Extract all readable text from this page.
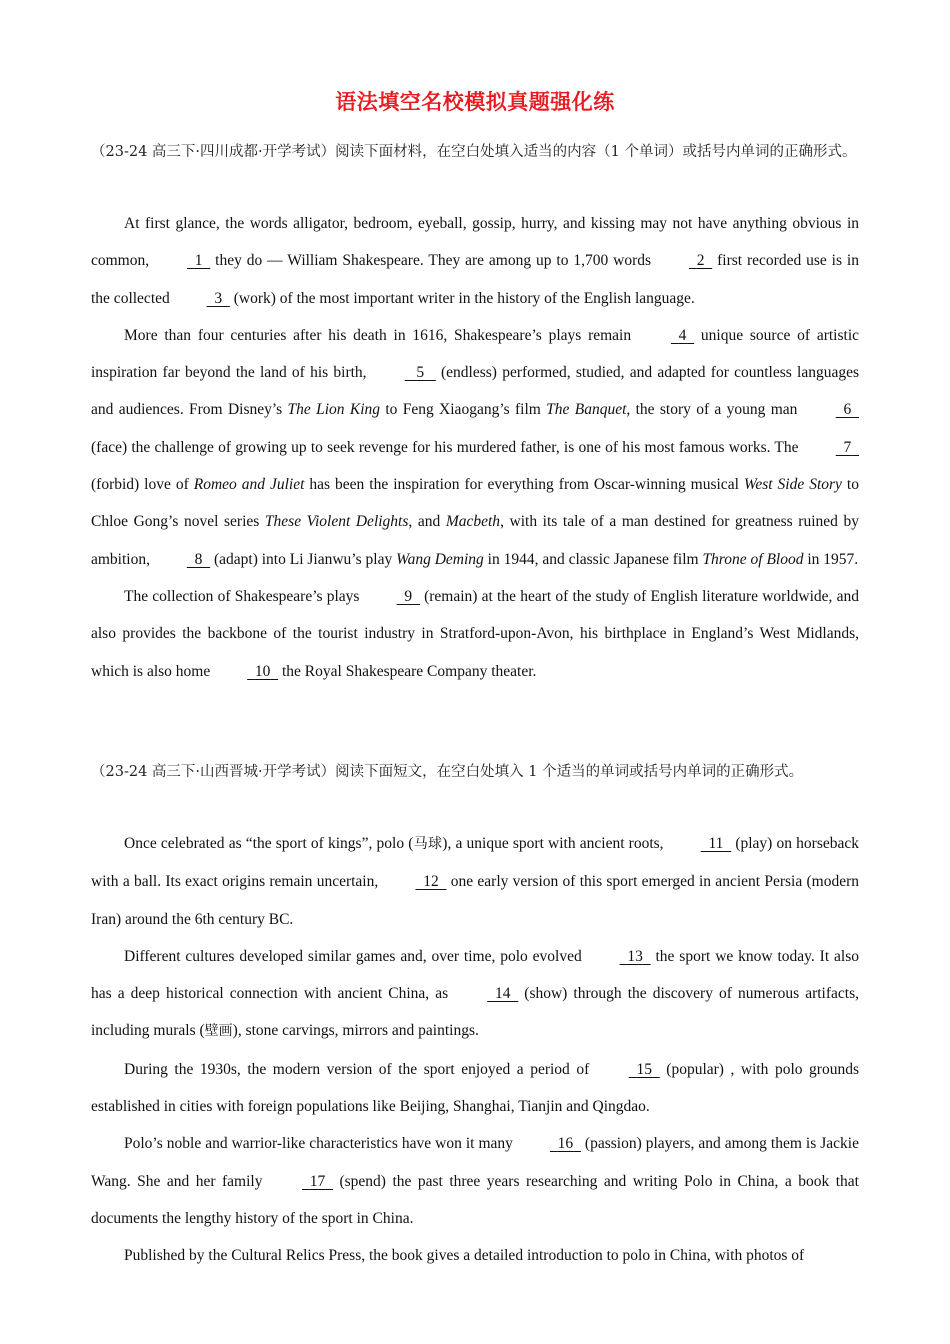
语法填空名校模拟真题强化练

（23-24 高三下·四川成都·开学考试）阅读下面材料，在空白处填入适当的内容（1 个单词）或括号内单词的正确形式。

At first glance, the words alligator, bedroom, eyeball, gossip, hurry, and kissing may not have anything obvious in common,	1   they do — William Shakespeare. They are among up to 1,700 words	2   first recorded use is in the collected	3   (work) of the most important writer in the history of the English language.

More than four centuries after his death in 1616, Shakespeare’s plays remain	4   unique source of artistic inspiration far beyond the land of his birth,	5    (endless) performed, studied, and adapted for countless languages and audiences. From Disney’s The Lion King to Feng Xiaogang’s film The Banquet, the story of a young man	6   (face) the challenge of growing up to seek revenge for his murdered father, is one of his most famous works. The	7   (forbid) love of Romeo and Juliet has been the inspiration for everything from Oscar-winning musical West Side Story to Chloe Gong’s novel series These Violent Delights, and Macbeth, with its tale of a man destined for greatness ruined by ambition,	8   (adapt) into Li Jianwu’s play Wang Deming in 1944, and classic Japanese film Throne of Blood in 1957.

The collection of Shakespeare’s plays	9   (remain) at the heart of the study of English literature worldwide, and also provides the backbone of the tourist industry in Stratford-upon-Avon, his birthplace in England’s West Midlands, which is also home	10   the Royal Shakespeare Company theater.

（23-24 高三下·山西晋城·开学考试）阅读下面短文，在空白处填入 1 个适当的单词或括号内单词的正确形式。

Once celebrated as “the sport of kings”, polo (马球), a unique sport with ancient roots,	11   (play) on horseback with a ball. Its exact origins remain uncertain,	12   one early version of this sport emerged in ancient Persia (modern Iran) around the 6th century BC.

Different cultures developed similar games and, over time, polo evolved	13   the sport we know today. It also has a deep historical connection with ancient China, as	14   (show) through the discovery of numerous artifacts, including murals (壁画), stone carvings, mirrors and paintings.

During the 1930s, the modern version of the sport enjoyed a period of	15   (popular) , with polo grounds established in cities with foreign populations like Beijing, Shanghai, Tianjin and Qingdao.

Polo’s noble and warrior-like characteristics have won it many	16   (passion) players, and among them is Jackie Wang. She and her family	17   (spend) the past three years researching and writing Polo in China, a book that documents the lengthy history of the sport in China.

Published by the Cultural Relics Press, the book gives a detailed introduction to polo in China, with photos of
